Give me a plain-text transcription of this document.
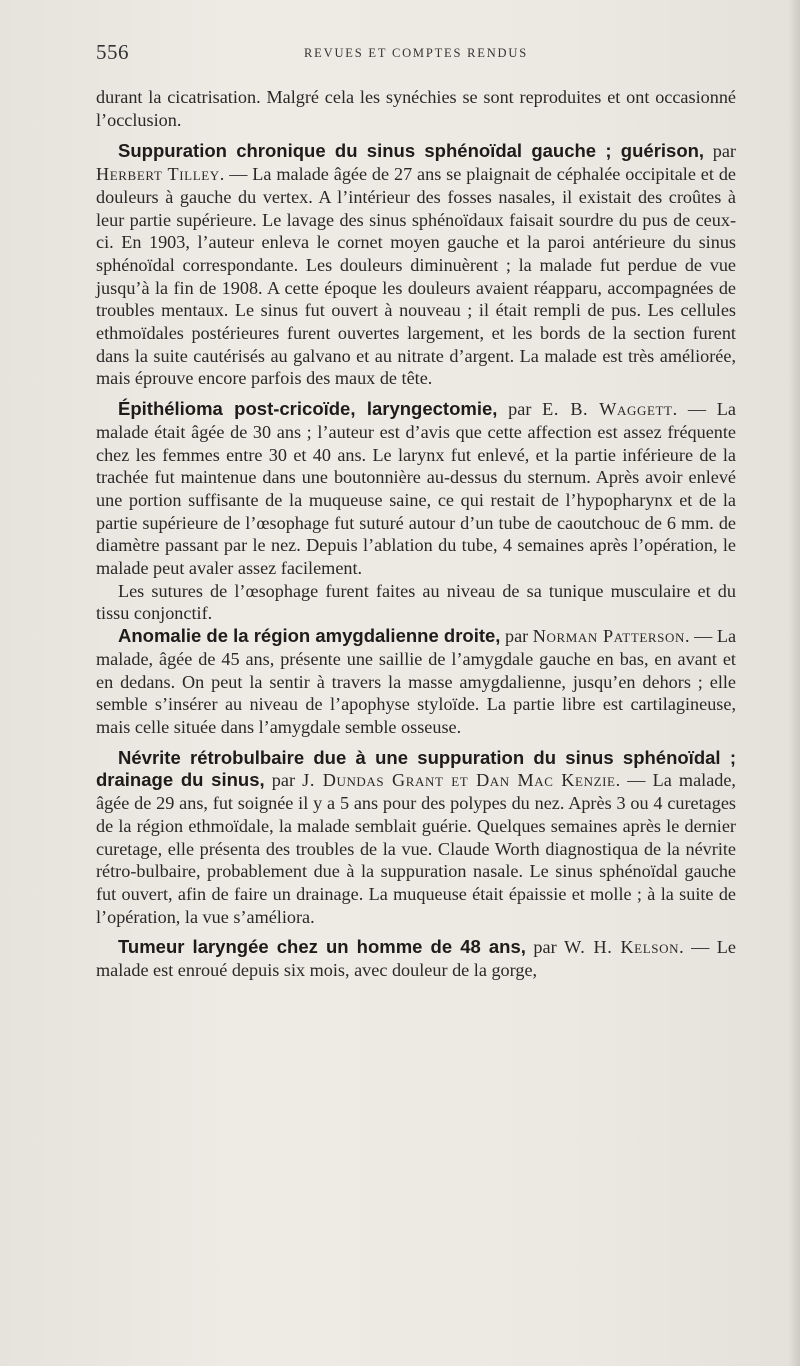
556	REVUES ET COMPTES RENDUS

durant la cicatrisation. Malgré cela les synéchies se sont reproduites et ont occasionné l’occlusion.

Suppuration chronique du sinus sphénoïdal gauche ; guérison, par Herbert Tilley. — La malade âgée de 27 ans se plaignait de céphalée occipitale et de douleurs à gauche du vertex. A l’intérieur des fosses nasales, il existait des croûtes à leur partie supérieure. Le lavage des sinus sphénoïdaux faisait sourdre du pus de ceux-ci. En 1903, l’auteur enleva le cornet moyen gauche et la paroi antérieure du sinus sphénoïdal correspondante. Les douleurs diminuèrent ; la malade fut perdue de vue jusqu’à la fin de 1908. A cette époque les douleurs avaient réapparu, accompagnées de troubles mentaux. Le sinus fut ouvert à nouveau ; il était rempli de pus. Les cellules ethmoïdales postérieures furent ouvertes largement, et les bords de la section furent dans la suite cautérisés au galvano et au nitrate d’argent. La malade est très améliorée, mais éprouve encore parfois des maux de tête.

Épithélioma post-cricoïde, laryngectomie, par E. B. Waggett. — La malade était âgée de 30 ans ; l’auteur est d’avis que cette affection est assez fréquente chez les femmes entre 30 et 40 ans. Le larynx fut enlevé, et la partie inférieure de la trachée fut maintenue dans une boutonnière au-dessus du sternum. Après avoir enlevé une portion suffisante de la muqueuse saine, ce qui restait de l’hypopharynx et de la partie supérieure de l’œsophage fut suturé autour d’un tube de caoutchouc de 6 mm. de diamètre passant par le nez. Depuis l’ablation du tube, 4 semaines après l’opération, le malade peut avaler assez facilement.

Les sutures de l’œsophage furent faites au niveau de sa tunique musculaire et du tissu conjonctif.

Anomalie de la région amygdalienne droite, par Norman Patterson. — La malade, âgée de 45 ans, présente une saillie de l’amygdale gauche en bas, en avant et en dedans. On peut la sentir à travers la masse amygdalienne, jusqu’en dehors ; elle semble s’insérer au niveau de l’apophyse styloïde. La partie libre est cartilagineuse, mais celle située dans l’amygdale semble osseuse.

Névrite rétrobulbaire due à une suppuration du sinus sphénoïdal ; drainage du sinus, par J. Dundas Grant et Dan Mac Kenzie. — La malade, âgée de 29 ans, fut soignée il y a 5 ans pour des polypes du nez. Après 3 ou 4 curetages de la région ethmoïdale, la malade semblait guérie. Quelques semaines après le dernier curetage, elle présenta des troubles de la vue. Claude Worth diagnostiqua de la névrite rétro-bulbaire, probablement due à la suppuration nasale. Le sinus sphénoïdal gauche fut ouvert, afin de faire un drainage. La muqueuse était épaissie et molle ; à la suite de l’opération, la vue s’améliora.

Tumeur laryngée chez un homme de 48 ans, par W. H. Kelson. — Le malade est enroué depuis six mois, avec douleur de la gorge,
